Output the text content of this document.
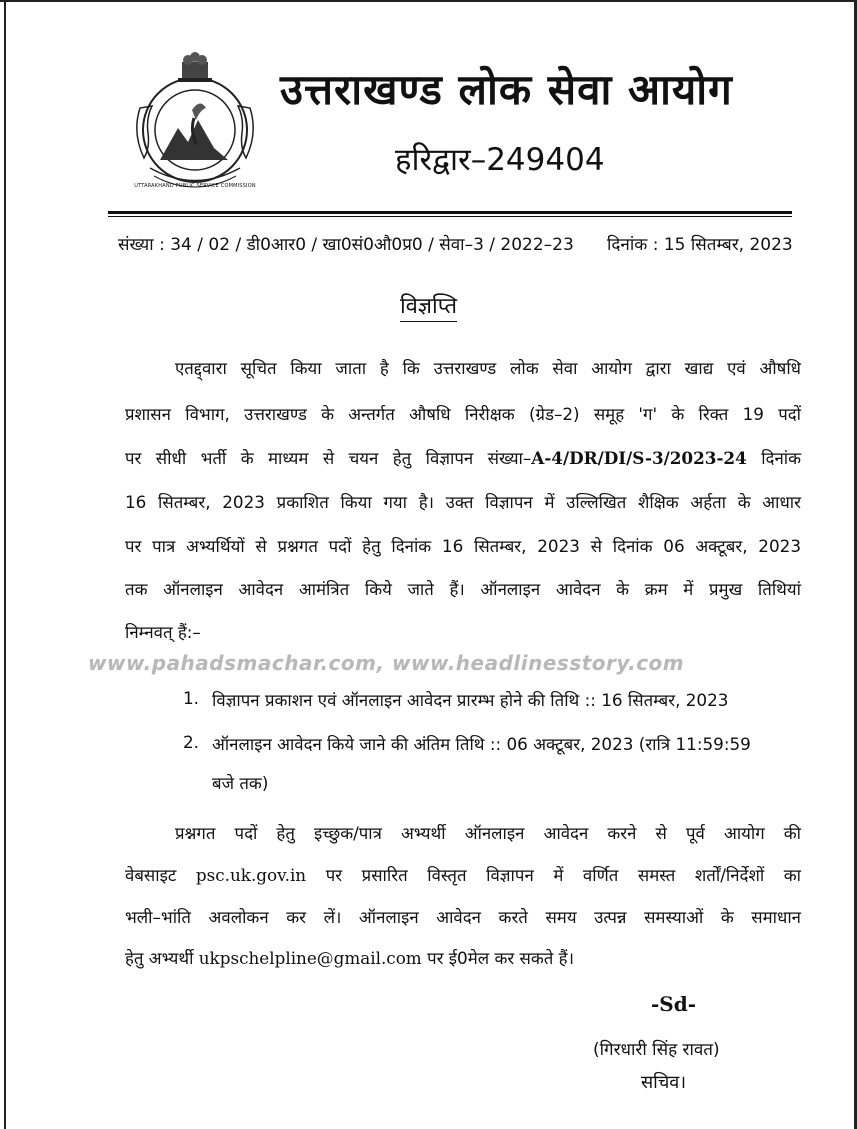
UTTARAKHAND PUBLIC SERVICE COMMISSION
उत्तराखण्ड लोक सेवा आयोग
हरिद्वार–249404
संख्या : 34 / 02 / डी0आर0 / खा0सं0औ0प्र0 / सेवा–3 / 2022–23 दिनांक : 15 सितम्बर, 2023
विज्ञप्ति
एतद्द्वारा सूचित किया जाता है कि उत्तराखण्ड लोक सेवा आयोग द्वारा खाद्य एवं औषधि
प्रशासन विभाग, उत्तराखण्ड के अन्तर्गत औषधि निरीक्षक (ग्रेड–2) समूह 'ग' के रिक्त 19 पदों
पर सीधी भर्ती के माध्यम से चयन हेतु विज्ञापन संख्या–A-4/DR/DI/S-3/2023-24 दिनांक
16 सितम्बर, 2023 प्रकाशित किया गया है। उक्त विज्ञापन में उल्लिखित शैक्षिक अर्हता के आधार
पर पात्र अभ्यर्थियों से प्रश्नगत पदों हेतु दिनांक 16 सितम्बर, 2023 से दिनांक 06 अक्टूबर, 2023
तक ऑनलाइन आवेदन आमंत्रित किये जाते हैं। ऑनलाइन आवेदन के क्रम में प्रमुख तिथियां
निम्नवत् हैं:–
www.pahadsmachar.com, www.headlinesstory.com
1. विज्ञापन प्रकाशन एवं ऑनलाइन आवेदन प्रारम्भ होने की तिथि :: 16 सितम्बर, 2023
2. ऑनलाइन आवेदन किये जाने की अंतिम तिथि :: 06 अक्टूबर, 2023 (रात्रि 11:59:59
बजे तक)
प्रश्नगत पदों हेतु इच्छुक/पात्र अभ्यर्थी ऑनलाइन आवेदन करने से पूर्व आयोग की
वेबसाइट psc.uk.gov.in पर प्रसारित विस्तृत विज्ञापन में वर्णित समस्त शर्तों/निर्देशों का
भली–भांति अवलोकन कर लें। ऑनलाइन आवेदन करते समय उत्पन्न समस्याओं के समाधान
हेतु अभ्यर्थी ukpschelpline@gmail.com पर ई0मेल कर सकते हैं।
-Sd-
(गिरधारी सिंह रावत)
सचिव।
